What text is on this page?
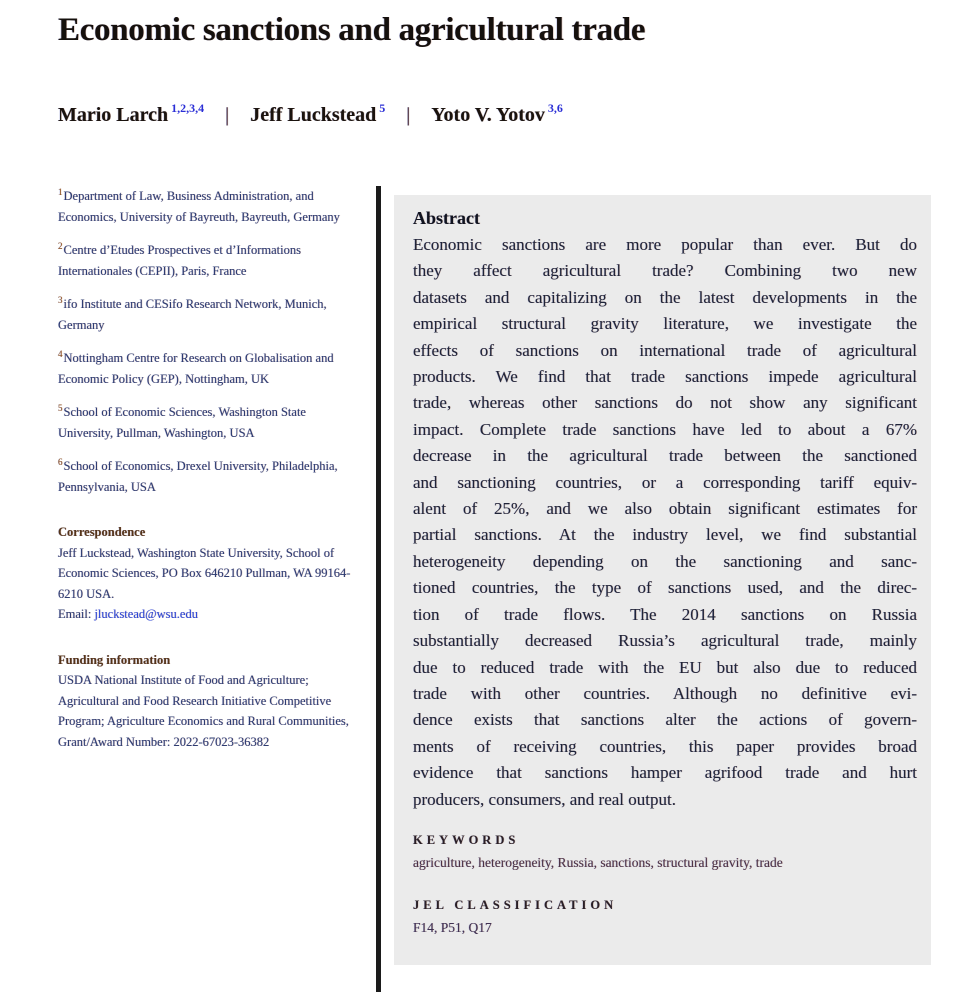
Economic sanctions and agricultural trade
Mario Larch $^{1,2,3,4}$ | Jeff Luckstead $^5$ | Yoto V. Yotov $^{3,6}$
$^1$Department of Law, Business Administration, and Economics, University of Bayreuth, Bayreuth, Germany
$^2$Centre d’Etudes Prospectives et d’Informations Internationales (CEPII), Paris, France
$^3$ifo Institute and CESifo Research Network, Munich, Germany
$^4$Nottingham Centre for Research on Globalisation and Economic Policy (GEP), Nottingham, UK
$^5$School of Economic Sciences, Washington State University, Pullman, Washington, USA
$^6$School of Economics, Drexel University, Philadelphia, Pennsylvania, USA
Correspondence
Jeff Luckstead, Washington State University, School of Economic Sciences, PO Box 646210 Pullman, WA 99164-6210 USA.
Email: jluckstead@wsu.edu
Funding information
USDA National Institute of Food and Agriculture; Agricultural and Food Research Initiative Competitive Program; Agriculture Economics and Rural Communities, Grant/Award Number: 2022-67023-36382
Abstract
Economic sanctions are more popular than ever. But do
they affect agricultural trade? Combining two new
datasets and capitalizing on the latest developments in the
empirical structural gravity literature, we investigate the
effects of sanctions on international trade of agricultural
products. We find that trade sanctions impede agricultural
trade, whereas other sanctions do not show any significant
impact. Complete trade sanctions have led to about a 67%
decrease in the agricultural trade between the sanctioned
and sanctioning countries, or a corresponding tariff equiv-
alent of 25%, and we also obtain significant estimates for
partial sanctions. At the industry level, we find substantial
heterogeneity depending on the sanctioning and sanc-
tioned countries, the type of sanctions used, and the direc-
tion of trade flows. The 2014 sanctions on Russia
substantially decreased Russia’s agricultural trade, mainly
due to reduced trade with the EU but also due to reduced
trade with other countries. Although no definitive evi-
dence exists that sanctions alter the actions of govern-
ments of receiving countries, this paper provides broad
evidence that sanctions hamper agrifood trade and hurt
producers, consumers, and real output.
KEYWORDS
agriculture, heterogeneity, Russia, sanctions, structural gravity, trade
JEL CLASSIFICATION
F14, P51, Q17
